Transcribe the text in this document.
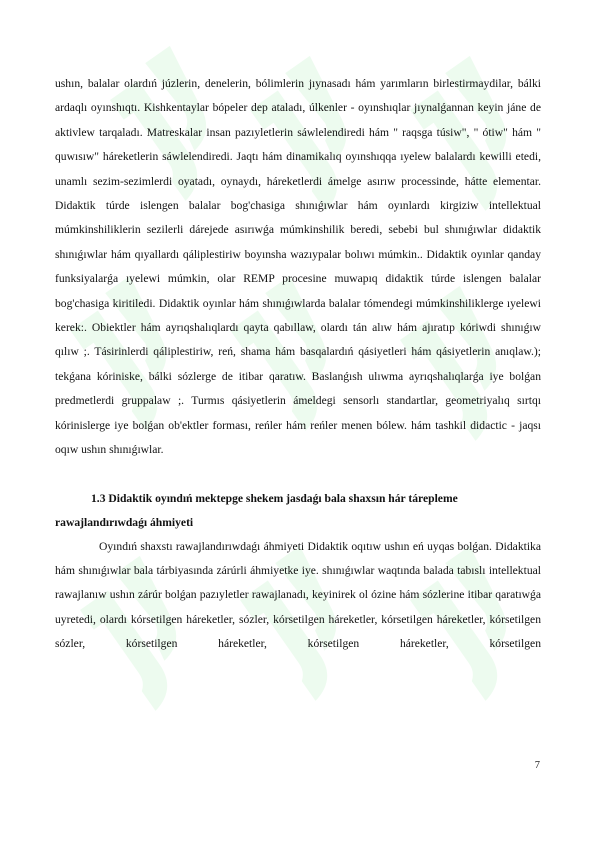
ushın, balalar olardıń júzlerin, denelerin, bólimlerin jıynasadı hám yarımların birlestirmaydilar, bálki ardaqlı oyınshıqtı. Kishkentaylar bópeler dep ataladı, úlkenler - oyınshıqlar jıynalǵannan keyin jáne de aktivlew tarqaladı. Matreskalar insan pazıyletlerin sáwlelendiredi hám " raqsga túsiw", " ótiw" hám " quwısıw" háreketlerin sáwlelendiredi. Jaqtı hám dinamikalıq oyınshıqqa ıyelew balalardı kewilli etedi, unamlı sezim-sezimlerdi oyatadı, oynaydı, háreketlerdi ámelge asırıw processinde, hátte elementar. Didaktik túrde islengen balalar bog'chasiga shınıǵıwlar hám oyınlardı kirgiziw intellektual múmkinshiliklerin sezilerli dárejede asırıwǵa múmkinshilik beredi, sebebi bul shınıǵıwlar didaktik shınıǵıwlar hám qıyallardı qáliplestiriw boyınsha wazıypalar bolıwı múmkin.. Didaktik oyınlar qanday funksiyalarǵa ıyelewi múmkin, olar REMP procesine muwapıq didaktik túrde islengen balalar bog'chasiga kiritiledi. Didaktik oyınlar hám shınıǵıwlarda balalar tómendegi múmkinshiliklerge ıyelewi kerek:. Obiektler hám ayrıqshalıqlardı qayta qabıllaw, olardı tán alıw hám ajıratıp kóriwdi shınıǵıw qılıw ;. Tásirinlerdi qáliplestiriw, reń, shama hám basqalardıń qásiyetleri hám qásiyetlerin anıqlaw.); tekǵana kóriniske, bálki sózlerge de itibar qaratıw. Baslanǵısh ulıwma ayrıqshalıqlarǵa iye bolǵan predmetlerdi gruppalaw ;. Turmıs qásiyetlerin ámeldegi sensorlı standartlar, geometriyalıq sırtqı kórinislerge iye bolǵan ob'ektler forması, reńler hám reńler menen bólew. hám tashkil didactic - jaqsı oqıw ushın shınıǵıwlar.

1.3 Didaktik oyındıń mektepge shekem jasdaǵı bala shaxsın hár tárepleme rawajlandırıwdaǵı áhmiyeti

Oyındıń shaxstı rawajlandırıwdaǵı áhmiyeti Didaktik oqıtıw ushın eń uyqas bolǵan. Didaktika hám shınıǵıwlar bala tárbiyasında zárúrli áhmiyetke iye. shınıǵıwlar waqtında balada tabıslı intellektual rawajlanıw ushın zárúr bolǵan pazıyletler rawajlanadı, keyinirek ol ózine hám sózlerine itibar qaratıwǵa uyretedi, olardı kórsetilgen háreketler, sózler, kórsetilgen háreketler, kórsetilgen háreketler, kórsetilgen sózler, kórsetilgen háreketler, kórsetilgen háreketler, kórsetilgen

7
